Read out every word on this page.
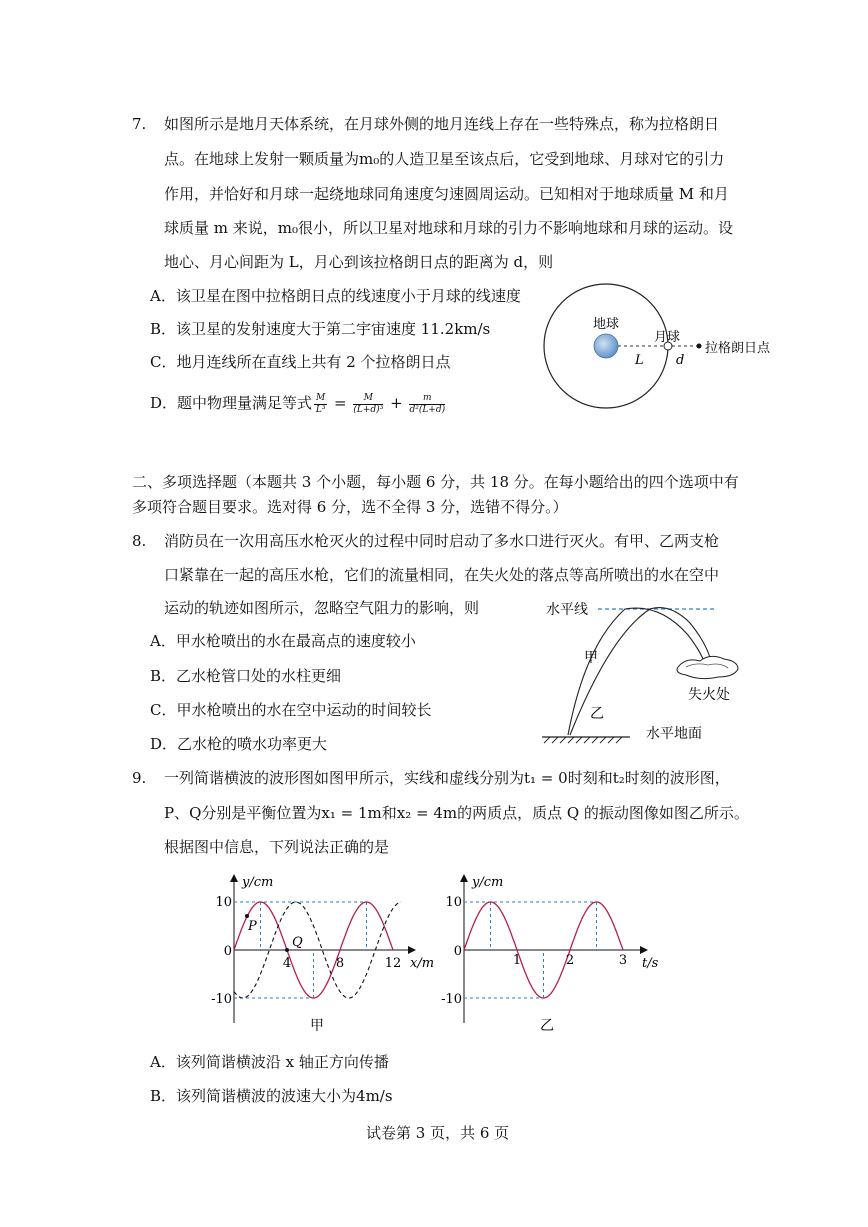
7. 如图所示是地月天体系统，在月球外侧的地月连线上存在一些特殊点，称为拉格朗日
点。在地球上发射一颗质量为m₀的人造卫星至该点后，它受到地球、月球对它的引力
作用，并恰好和月球一起绕地球同角速度匀速圆周运动。已知相对于地球质量 M 和月
球质量 m 来说，m₀很小，所以卫星对地球和月球的引力不影响地球和月球的运动。设
地心、月心间距为 L，月心到该拉格朗日点的距离为 d，则
A．该卫星在图中拉格朗日点的线速度小于月球的线速度
B．该卫星的发射速度大于第二宇宙速度 11.2km/s
C．地月连线所在直线上共有 2 个拉格朗日点
D．题中物理量满足等式 $\frac{M}{\text{L³}} = \frac{M}{\text{(L+d)³}} + \frac{m}{\text{d²(L+d)}}$
地球
月球
L d
拉格朗日点
二、多项选择题（本题共 3 个小题，每小题 6 分，共 18 分。在每小题给出的四个选项中有
多项符合题目要求。选对得 6 分，选不全得 3 分，选错不得分。）
8. 消防员在一次用高压水枪灭火的过程中同时启动了多水口进行灭火。有甲、乙两支枪
口紧靠在一起的高压水枪，它们的流量相同，在失火处的落点等高所喷出的水在空中
运动的轨迹如图所示，忽略空气阻力的影响，则
A．甲水枪喷出的水在最高点的速度较小
B．乙水枪管口处的水柱更细
C．甲水枪喷出的水在空中运动的时间较长
D．乙水枪的喷水功率更大
水平线
甲
乙
失火处
水平地面
9. 一列简谐横波的波形图如图甲所示，实线和虚线分别为t₁ = 0时刻和t₂时刻的波形图，
P、Q分别是平衡位置为x₁ = 1m和x₂ = 4m的两质点，质点 Q 的振动图像如图乙所示。
根据图中信息，下列说法正确的是
y/cm
x/m
10
0
-10
4	8	12
P
Q
甲
y/cm
t/s
10
0
-10
1	2	3
乙
A．该列简谐横波沿 x 轴正方向传播
B．该列简谐横波的波速大小为4m/s
试卷第 3 页，共 6 页
